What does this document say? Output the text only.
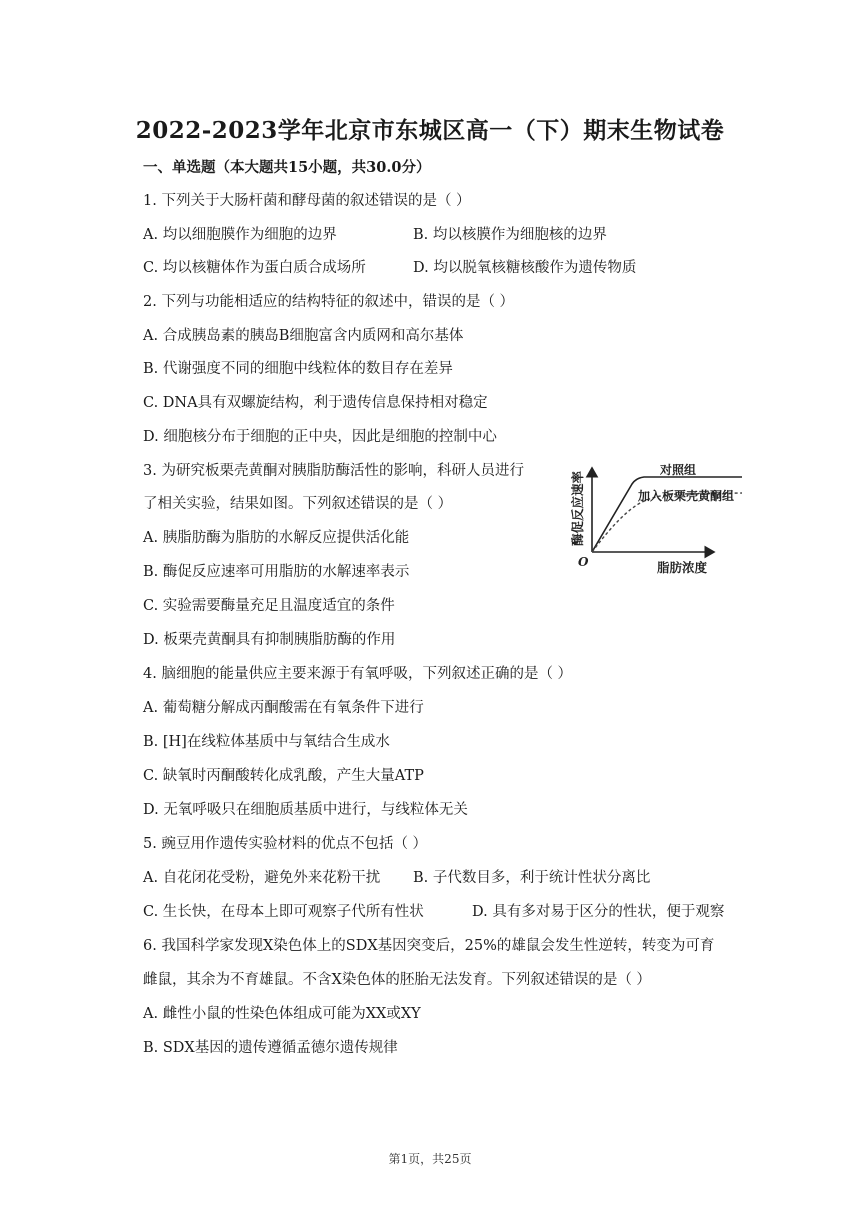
2022-2023学年北京市东城区高一（下）期末生物试卷
一、单选题（本大题共15小题，共30.0分）
1. 下列关于大肠杆菌和酵母菌的叙述错误的是（ ）
A. 均以细胞膜作为细胞的边界	B. 均以核膜作为细胞核的边界
C. 均以核糖体作为蛋白质合成场所	D. 均以脱氧核糖核酸作为遗传物质
2. 下列与功能相适应的结构特征的叙述中，错误的是（ ）
A. 合成胰岛素的胰岛B细胞富含内质网和高尔基体
B. 代谢强度不同的细胞中线粒体的数目存在差异
C. DNA具有双螺旋结构，利于遗传信息保持相对稳定
D. 细胞核分布于细胞的正中央，因此是细胞的控制中心
3. 为研究板栗壳黄酮对胰脂肪酶活性的影响，科研人员进行
了相关实验，结果如图。下列叙述错误的是（ ）
A. 胰脂肪酶为脂肪的水解反应提供活化能
B. 酶促反应速率可用脂肪的水解速率表示
C. 实验需要酶量充足且温度适宜的条件
D. 板栗壳黄酮具有抑制胰脂肪酶的作用
酶促反应速率
脂肪浓度
O
对照组
加入板栗壳黄酮组
4. 脑细胞的能量供应主要来源于有氧呼吸，下列叙述正确的是（ ）
A. 葡萄糖分解成丙酮酸需在有氧条件下进行
B. [H]在线粒体基质中与氧结合生成水
C. 缺氧时丙酮酸转化成乳酸，产生大量ATP
D. 无氧呼吸只在细胞质基质中进行，与线粒体无关
5. 豌豆用作遗传实验材料的优点不包括（ ）
A. 自花闭花受粉，避免外来花粉干扰 B. 子代数目多，利于统计性状分离比
C. 生长快，在母本上即可观察子代所有性状	D. 具有多对易于区分的性状，便于观察
6. 我国科学家发现X染色体上的SDX基因突变后，25%的雄鼠会发生性逆转，转变为可育
雌鼠，其余为不育雄鼠。不含X染色体的胚胎无法发育。下列叙述错误的是（ ）
A. 雌性小鼠的性染色体组成可能为XX或XY
B. SDX基因的遗传遵循孟德尔遗传规律
第1页，共25页
